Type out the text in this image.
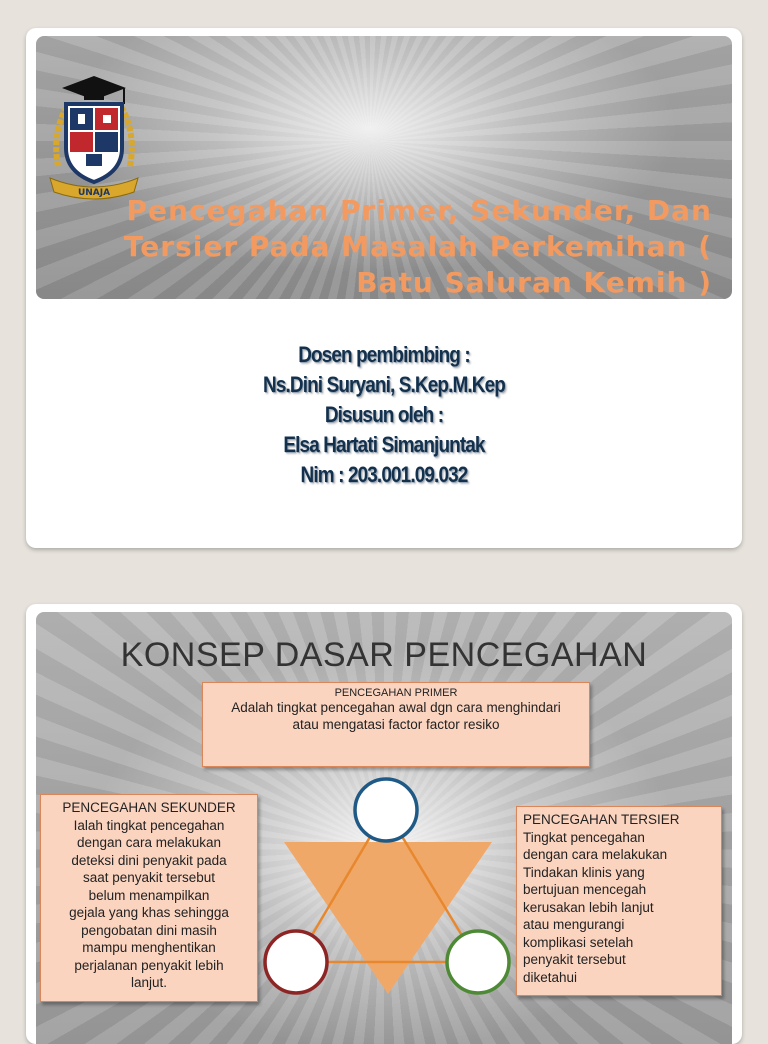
UNAJA
Pencegahan Primer, Sekunder, Dan Tersier Pada Masalah Perkemihan ( Batu Saluran Kemih )
Dosen pembimbing :
Ns.Dini Suryani, S.Kep.M.Kep
Disusun oleh :
Elsa Hartati Simanjuntak
Nim : 203.001.09.032
KONSEP DASAR PENCEGAHAN
PENCEGAHAN PRIMER
Adalah tingkat pencegahan awal dgn cara menghindari
atau mengatasi factor factor resiko
PENCEGAHAN SEKUNDER
Ialah tingkat pencegahan
dengan cara melakukan
deteksi dini penyakit pada
saat penyakit tersebut
belum menampilkan
gejala yang khas sehingga
pengobatan dini masih
mampu menghentikan
perjalanan penyakit lebih
lanjut.
PENCEGAHAN TERSIER
Tingkat pencegahan
dengan cara melakukan
Tindakan klinis yang
bertujuan mencegah
kerusakan lebih lanjut
atau mengurangi
komplikasi setelah
penyakit tersebut
diketahui
